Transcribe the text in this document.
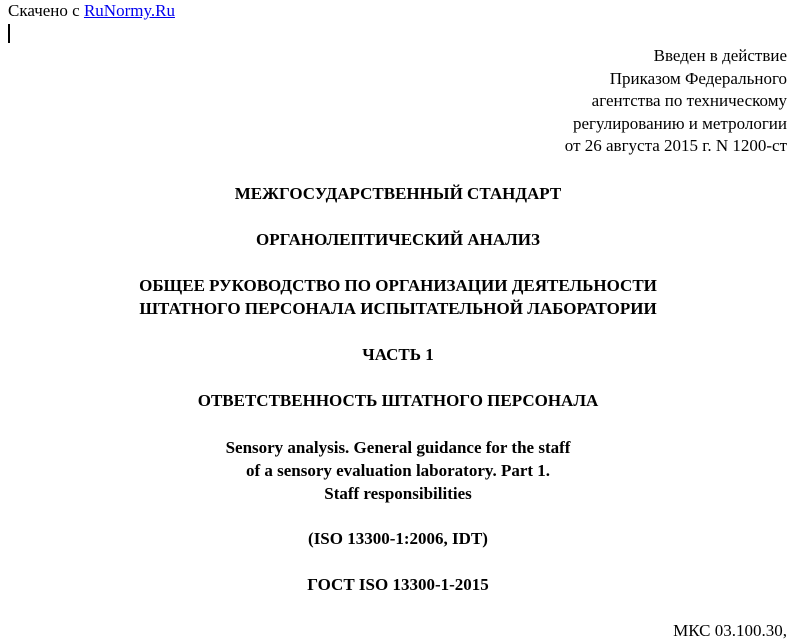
Скачено с RuNormy.Ru
Введен в действие
Приказом Федерального
агентства по техническому
регулированию и метрологии
от 26 августа 2015 г. N 1200-ст
МЕЖГОСУДАРСТВЕННЫЙ СТАНДАРТ
ОРГАНОЛЕПТИЧЕСКИЙ АНАЛИЗ
ОБЩЕЕ РУКОВОДСТВО ПО ОРГАНИЗАЦИИ ДЕЯТЕЛЬНОСТИ
ШТАТНОГО ПЕРСОНАЛА ИСПЫТАТЕЛЬНОЙ ЛАБОРАТОРИИ
ЧАСТЬ 1
ОТВЕТСТВЕННОСТЬ ШТАТНОГО ПЕРСОНАЛА
Sensory analysis. General guidance for the staff
of a sensory evaluation laboratory. Part 1.
Staff responsibilities
(ISO 13300-1:2006, IDT)
ГОСТ ISO 13300-1-2015
МКС 03.100.30,
